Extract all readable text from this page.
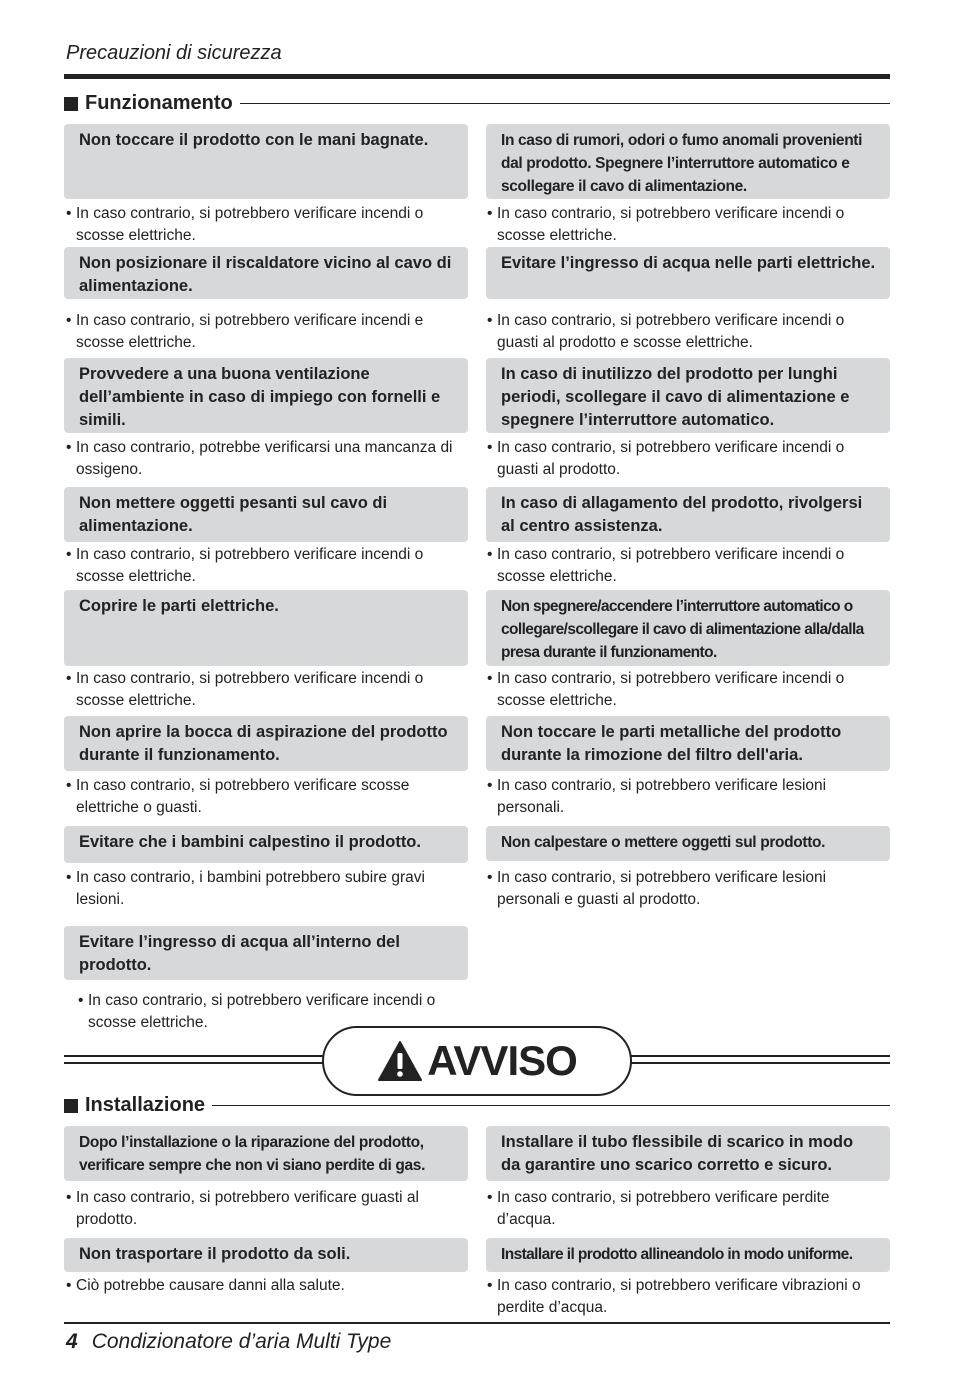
Precauzioni di sicurezza
Funzionamento
Non toccare il prodotto con le mani bagnate.
• In caso contrario, si potrebbero verificare incendi o scosse elettriche.
Non posizionare il riscaldatore vicino al cavo di alimentazione.
• In caso contrario, si potrebbero verificare incendi e scosse elettriche.
Provvedere a una buona ventilazione dell’ambiente in caso di impiego con fornelli e simili.
• In caso contrario, potrebbe verificarsi una mancanza di ossigeno.
Non mettere oggetti pesanti sul cavo di alimentazione.
• In caso contrario, si potrebbero verificare incendi o scosse elettriche.
Coprire le parti elettriche.
• In caso contrario, si potrebbero verificare incendi o scosse elettriche.
Non aprire la bocca di aspirazione del prodotto durante il funzionamento.
• In caso contrario, si potrebbero verificare scosse elettriche o guasti.
Evitare che i bambini calpestino il prodotto.
• In caso contrario, i bambini potrebbero subire gravi lesioni.
Evitare l’ingresso di acqua all’interno del prodotto.
• In caso contrario, si potrebbero verificare incendi o scosse elettriche.
In caso di rumori, odori o fumo anomali provenienti dal prodotto. Spegnere l’interruttore automatico e scollegare il cavo di alimentazione.
• In caso contrario, si potrebbero verificare incendi o scosse elettriche.
Evitare l’ingresso di acqua nelle parti elettriche.
• In caso contrario, si potrebbero verificare incendi o guasti al prodotto e scosse elettriche.
In caso di inutilizzo del prodotto per lunghi periodi, scollegare il cavo di alimentazione e spegnere l’interruttore automatico.
• In caso contrario, si potrebbero verificare incendi o guasti al prodotto.
In caso di allagamento del prodotto, rivolgersi al centro assistenza.
• In caso contrario, si potrebbero verificare incendi o scosse elettriche.
Non spegnere/accendere l’interruttore automatico o collegare/scollegare il cavo di alimentazione alla/dalla presa durante il funzionamento.
• In caso contrario, si potrebbero verificare incendi o scosse elettriche.
Non toccare le parti metalliche del prodotto durante la rimozione del filtro dell'aria.
• In caso contrario, si potrebbero verificare lesioni personali.
Non calpestare o mettere oggetti sul prodotto.
• In caso contrario, si potrebbero verificare lesioni personali e guasti al prodotto.
AVVISO
Installazione
Dopo l’installazione o la riparazione del prodotto, verificare sempre che non vi siano perdite di gas.
• In caso contrario, si potrebbero verificare guasti al prodotto.
Non trasportare il prodotto da soli.
• Ciò potrebbe causare danni alla salute.
Installare il tubo flessibile di scarico in modo da garantire uno scarico corretto e sicuro.
• In caso contrario, si potrebbero verificare perdite d’acqua.
Installare il prodotto allineandolo in modo uniforme.
• In caso contrario, si potrebbero verificare vibrazioni o perdite d’acqua.
4 Condizionatore d’aria Multi Type
